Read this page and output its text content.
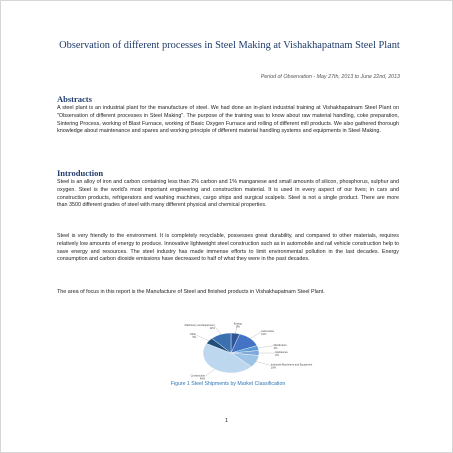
Observation of different processes in Steel Making at Vishakhapatnam Steel Plant
Period of Observation - May 27th, 2013 to June 22nd, 2013
Abstracts

A steel plant is an industrial plant for the manufacture of steel. We had done an in-plant industrial training at Vishakhapatnam Steel Plant on "Observation of different processes in Steel Making". The purpose of the training was to know about raw material handling, coke preparation, Sintering Process, working of Blast Furnace, working of Basic Oxygen Furnace and rolling of different mill products. We also gathered thorough knowledge about maintenance and spares and working principle of different material handling systems and equipments in Steel Making.

Introduction

Steel is an alloy of iron and carbon containing less than 2% carbon and 1% manganese and small amounts of silicon, phosphorus, sulphur and oxygen. Steel is the world's most important engineering and construction material. It is used in every aspect of our lives; in cars and construction products, refrigerators and washing machines, cargo ships and surgical scalpels. Steel is not a single product. There are more than 3500 different grades of steel with many different physical and chemical properties.

Steel is very friendly to the environment. It is completely recyclable, possesses great durability, and compared to other materials, requires relatively low amounts of energy to produce. Innovative lightweight steel construction such as in automobile and rail vehicle construction help to save energy and resources. The steel industry has made immense efforts to limit environmental pollution in the last decades. Energy consumption and carbon dioxide emissions have decreased to half of what they were in the past decades.

The area of focus in this report is the Manufacture of Steel and finished products in Vishakhapatnam Steel Plant.

Energy 5%
Automotive 14%
Distributors 4%
Appliances 4%
Industrial Machinery and Equipment 10%
Construction 46%
Other 5%
Machinery and Equipment 12%

Figure 1 Steel Shipments by Market Classification

1
